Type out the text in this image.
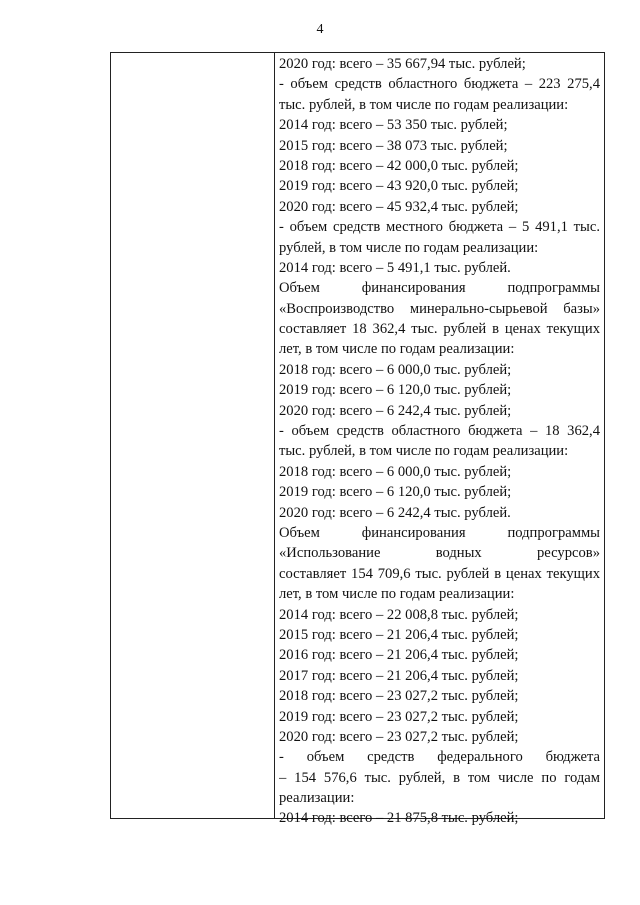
4
2020 год: всего – 35 667,94 тыс. рублей;
- объем средств областного бюджета – 223 275,4
тыс. рублей, в том числе по годам реализации:
2014 год: всего – 53 350 тыс. рублей;
2015 год: всего – 38 073 тыс. рублей;
2018 год: всего – 42 000,0 тыс. рублей;
2019 год: всего – 43 920,0 тыс. рублей;
2020 год: всего – 45 932,4 тыс. рублей;
- объем средств местного бюджета – 5 491,1 тыс.
рублей, в том числе по годам реализации:
2014 год: всего – 5 491,1 тыс. рублей.
Объем финансирования подпрограммы
«Воспроизводство минерально-сырьевой базы»
составляет 18 362,4 тыс. рублей в ценах текущих
лет, в том числе по годам реализации:
2018 год: всего – 6 000,0 тыс. рублей;
2019 год: всего – 6 120,0 тыс. рублей;
2020 год: всего – 6 242,4 тыс. рублей;
- объем средств областного бюджета – 18 362,4
тыс. рублей, в том числе по годам реализации:
2018 год: всего – 6 000,0 тыс. рублей;
2019 год: всего – 6 120,0 тыс. рублей;
2020 год: всего – 6 242,4 тыс. рублей.
Объем финансирования подпрограммы
«Использование водных ресурсов»
составляет 154 709,6 тыс. рублей в ценах текущих
лет, в том числе по годам реализации:
2014 год: всего – 22 008,8 тыс. рублей;
2015 год: всего – 21 206,4 тыс. рублей;
2016 год: всего – 21 206,4 тыс. рублей;
2017 год: всего – 21 206,4 тыс. рублей;
2018 год: всего – 23 027,2 тыс. рублей;
2019 год: всего – 23 027,2 тыс. рублей;
2020 год: всего – 23 027,2 тыс. рублей;
- объем средств федерального бюджета
– 154 576,6 тыс. рублей, в том числе по годам
реализации:
2014 год: всего – 21 875,8 тыс. рублей;
